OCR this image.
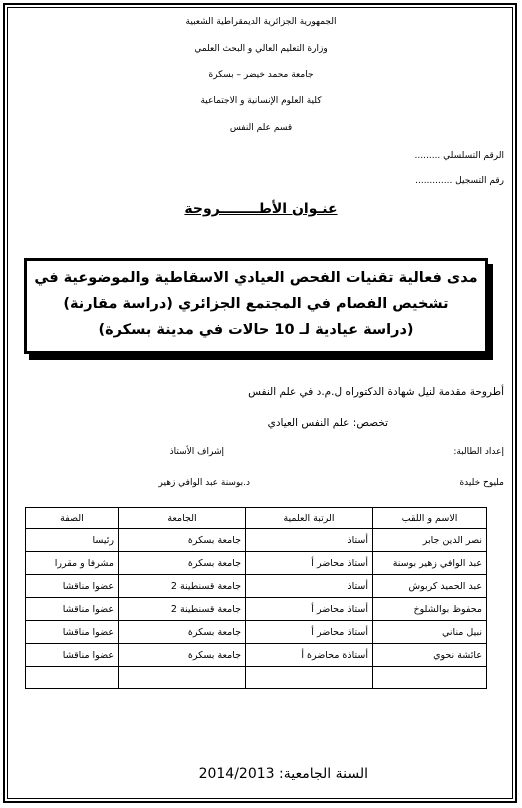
الجمهورية الجزائرية الديمقراطية الشعبية
وزارة التعليم العالي و البحث العلمي
جامعة محمد خيضر – بسكرة
كلية العلوم الإنسانية و الاجتماعية
قسم علم النفس
الرقم التسلسلي .........
رقم التسجيل .............
عنـوان الأطــــــــروحة
مدى فعالية تقنيات الفحص العيادي الاسقاطية والموضوعية في
تشخيص الفصام في المجتمع الجزائري (دراسة مقارنة)
(دراسة عيادية لـ 10 حالات في مدينة بسكرة)
أطروحة مقدمة لنيل شهادة الدكتوراه ل.م.د في علم النفس
تخصص: علم النفس العيادي
إعداد الطالبة:
إشراف الأستاذ
مليوح خليدة
د.بوسنة عبد الوافي زهير
الاسم و اللقب	الرتبة العلمية	الجامعة	الصفة
نصر الدين جابر	أستاذ	جامعة بسكرة	رئيسا
عبد الوافي زهير بوسنة	أستاذ محاضر أ	جامعة بسكرة	مشرفا و مقررا
عبد الحميد كربوش	أستاذ	جامعة قسنطينة 2	عضوا مناقشا
محفوظ بوالشلوخ	أستاذ محاضر أ	جامعة قسنطينة 2	عضوا مناقشا
نبيل مناني	أستاذ محاضر أ	جامعة بسكرة	عضوا مناقشا
عائشة نحوي	أستاذة محاضرة أ	جامعة بسكرة	عضوا مناقشا

السنة الجامعية: 2014/2013
